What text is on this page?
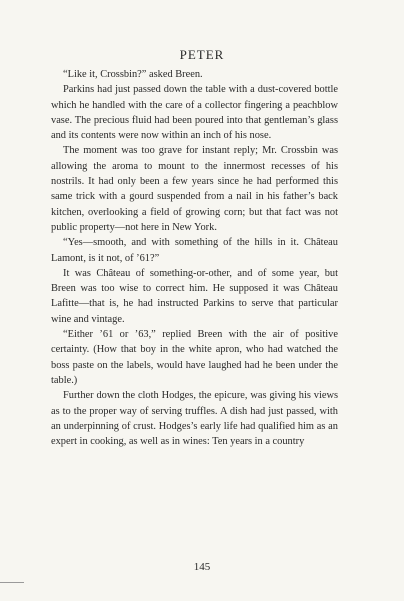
PETER

“Like it, Crossbin?” asked Breen.

Parkins had just passed down the table with a dust-covered bottle which he handled with the care of a collector fingering a peachblow vase. The precious fluid had been poured into that gentleman’s glass and its contents were now within an inch of his nose.

The moment was too grave for instant reply; Mr. Crossbin was allowing the aroma to mount to the innermost recesses of his nostrils. It had only been a few years since he had performed this same trick with a gourd suspended from a nail in his father’s back kitchen, overlooking a field of growing corn; but that fact was not public property—not here in New York.

“Yes—smooth, and with something of the hills in it. Château Lamont, is it not, of ’61?”

It was Château of something-or-other, and of some year, but Breen was too wise to correct him. He supposed it was Château Lafitte—that is, he had instructed Parkins to serve that particular wine and vintage.

“Either ’61 or ’63,” replied Breen with the air of positive certainty. (How that boy in the white apron, who had watched the boss paste on the labels, would have laughed had he been under the table.)

Further down the cloth Hodges, the epicure, was giving his views as to the proper way of serving truffles. A dish had just passed, with an underpinning of crust. Hodges’s early life had qualified him as an expert in cooking, as well as in wines: Ten years in a country

145
